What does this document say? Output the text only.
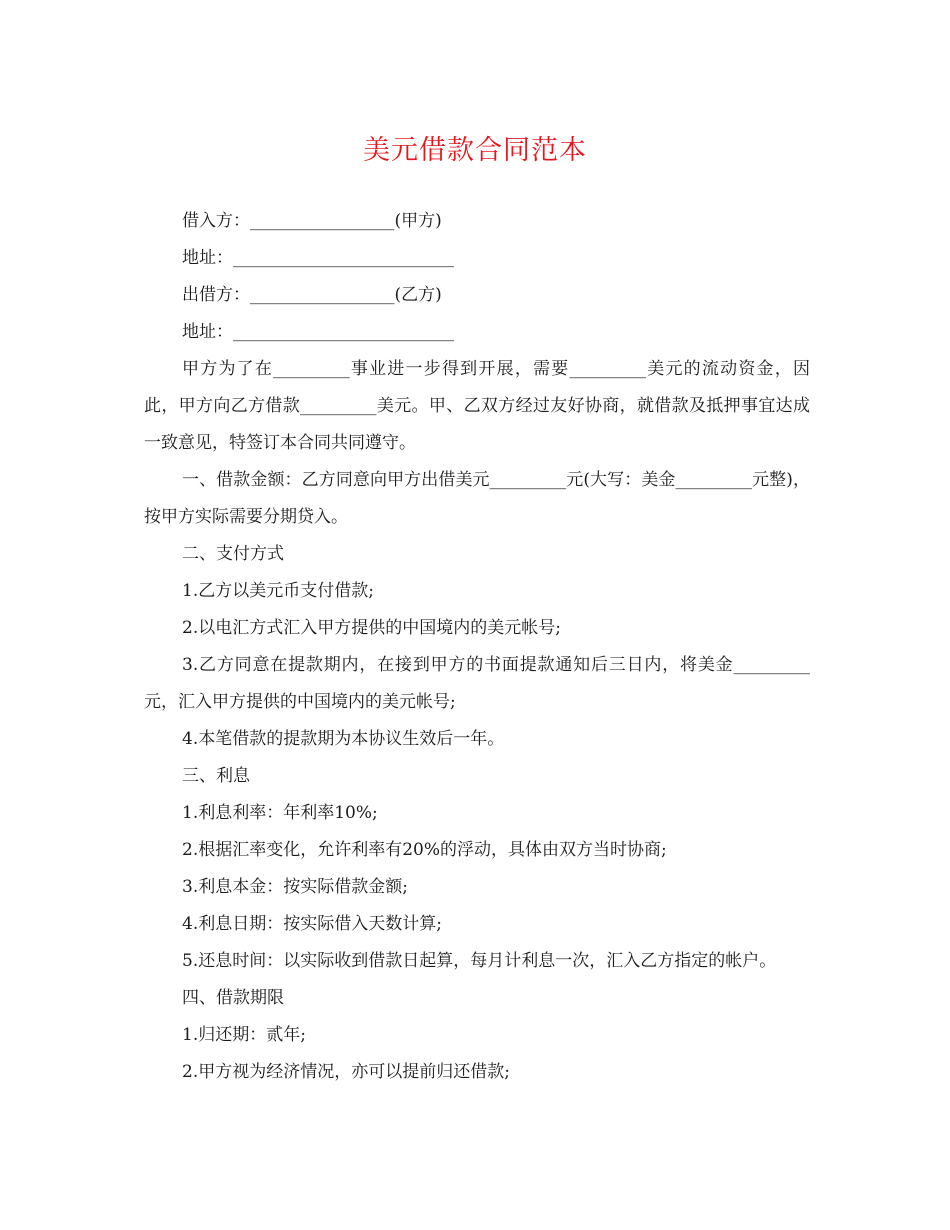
美元借款合同范本

借入方：_________________(甲方)

地址：__________________________

出借方：_________________(乙方)

地址：__________________________

甲方为了在_________事业进一步得到开展，需要_________美元的流动资金，因此，甲方向乙方借款_________美元。甲、乙双方经过友好协商，就借款及抵押事宜达成一致意见，特签订本合同共同遵守。

一、借款金额：乙方同意向甲方出借美元_________元(大写：美金_________元整)，按甲方实际需要分期贷入。

二、支付方式

1.乙方以美元币支付借款;

2.以电汇方式汇入甲方提供的中国境内的美元帐号;

3.乙方同意在提款期内，在接到甲方的书面提款通知后三日内，将美金_________元，汇入甲方提供的中国境内的美元帐号;

4.本笔借款的提款期为本协议生效后一年。

三、利息

1.利息利率：年利率10%;

2.根据汇率变化，允许利率有20%的浮动，具体由双方当时协商;

3.利息本金：按实际借款金额;

4.利息日期：按实际借入天数计算;

5.还息时间：以实际收到借款日起算，每月计利息一次，汇入乙方指定的帐户。

四、借款期限

1.归还期：贰年;

2.甲方视为经济情况，亦可以提前归还借款;
